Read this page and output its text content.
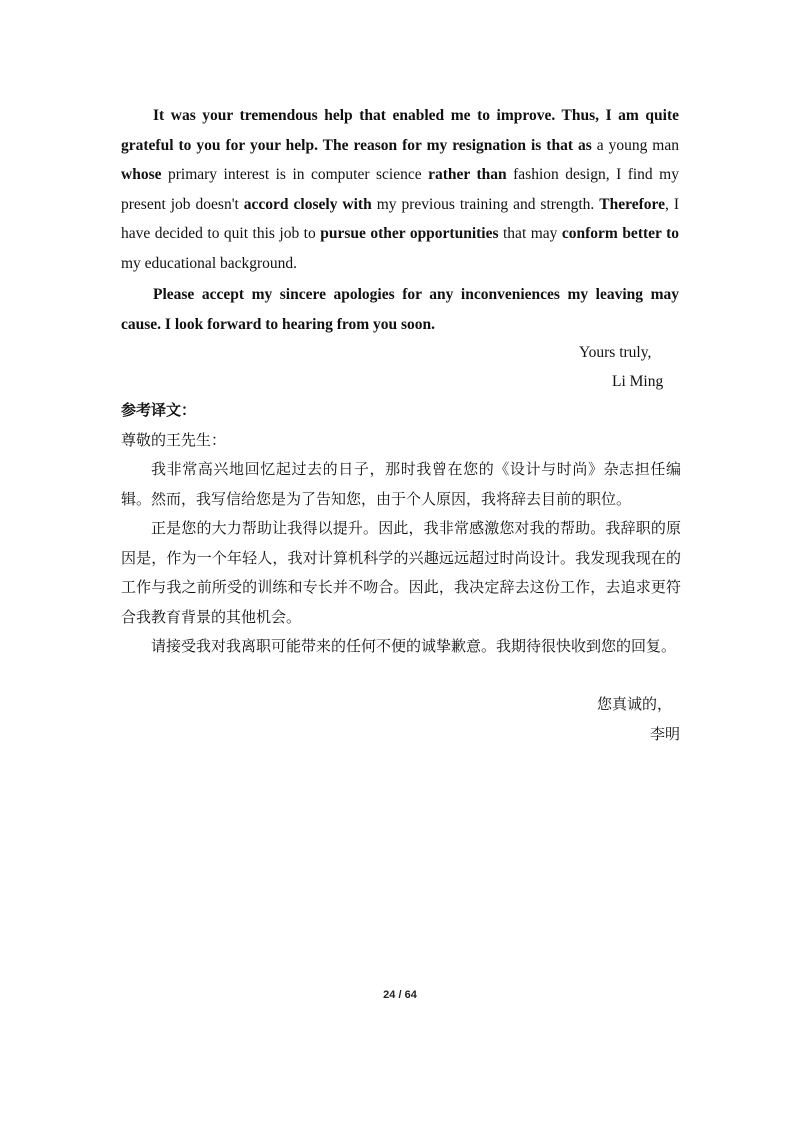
It was your tremendous help that enabled me to improve. Thus, I am quite grateful to you for your help. The reason for my resignation is that as a young man whose primary interest is in computer science rather than fashion design, I find my present job doesn't accord closely with my previous training and strength. Therefore, I have decided to quit this job to pursue other opportunities that may conform better to my educational background.

Please accept my sincere apologies for any inconveniences my leaving may cause. I look forward to hearing from you soon.

Yours truly,
Li Ming
参考译文：

尊敬的王先生：

我非常高兴地回忆起过去的日子，那时我曾在您的《设计与时尚》杂志担任编辑。然而，我写信给您是为了告知您，由于个人原因，我将辞去目前的职位。

正是您的大力帮助让我得以提升。因此，我非常感激您对我的帮助。我辞职的原因是，作为一个年轻人，我对计算机科学的兴趣远远超过时尚设计。我发现我现在的工作与我之前所受的训练和专长并不吻合。因此，我决定辞去这份工作，去追求更符合我教育背景的其他机会。

请接受我对我离职可能带来的任何不便的诚挚歉意。我期待很快收到您的回复。

您真诚的，
李明
24 / 64
